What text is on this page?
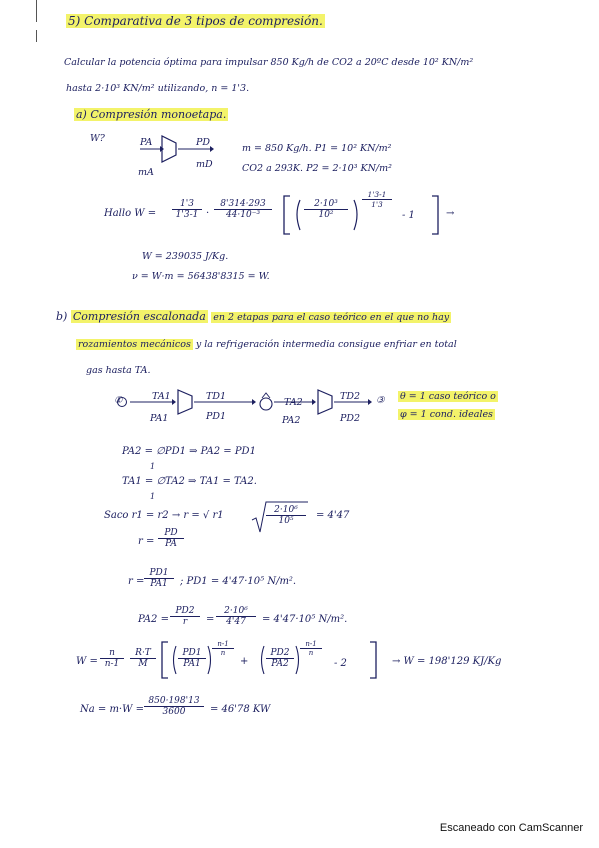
5) Comparativa de 3 tipos de compresión.
Calcular la potencia óptima para impulsar 850 Kg/h de CO2 a 20ºC desde 10² KN/m²
hasta 2·10³ KN/m² utilizando, n = 1'3.
a) Compresión monoetapa.
W?	PA	PD
mA
mD
m = 850 Kg/h. P1 = 10² KN/m²
CO2 a 293K. P2 = 2·10³ KN/m²
Hallo $W = \frac{1'3}{1'3-1} \cdot \frac{8'314\cdot 293}{\text{44·10⁻³}}$	$\frac{\text{2·10³}}{\text{10²}} \frac{1'3-1}{1'3}$
- 1	→
W = 239035 J/Kg.
ν = W·m = 56438'8315 = W.
b) Compresión escalonada en 2 etapas para el caso teórico en el que no hay
rozamientos mecánicos y la refrigeración intermedia consigue enfriar en total
gas hasta TA.
①	TA1
PA1
TD1
PD1
TA2
PA2
TD2
PD2
③ θ = 1 caso teórico o
φ = 1 cond. ideales
PA2 = ∅PD1 ⇒ PA2 = PD1
1
TA1 = ∅TA2 ⇒ TA1 = TA2.
1
Saco r1 = r2 → r = √ r1	$\frac{\text{2·10⁶}}{\text{10⁵}} = 4'47$
$r = \frac{PD}{PA}$
$r = \frac{PD1}{PA1}$ ; PD1 = 4'47·10⁵ N/m².
$PA2 = \frac{PD2}{r} = \frac{\text{2·10⁶}}{4'47} = 4'47\cdot 10^5$ N/m².
$W = \frac{n}{n-1} \frac{R\cdot T}{M} \frac{PD1}{PA1} \frac{n-1}{n}$
+ $\frac{PD2}{PA2} \frac{n-1}{n}$
- 2	→ W = 198'129 KJ/Kg
$Na = m\cdot W = \frac{850\cdot 198'13}{3600} = 46'78$ KW
Escaneado con CamScanner
